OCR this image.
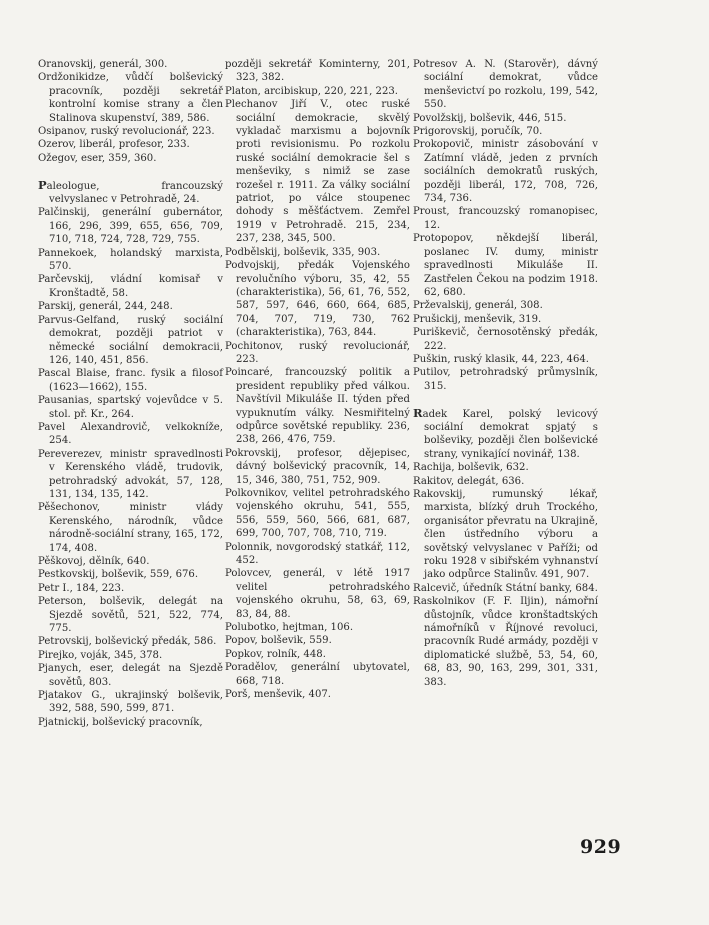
Oranovskij, generál, 300.

Ordžonikidze, vůdčí bolševický pracovník, později sekretář kontrolní komise strany a člen Stalinova skupenství, 389, 586.

Osipanov, ruský revolucionář, 223.

Ozerov, liberál, profesor, 233.

Ožegov, eser, 359, 360.

Paleologue, francouzský velvyslanec v Petrohradě, 24.

Palčinskij, generální gubernátor, 166, 296, 399, 655, 656, 709, 710, 718, 724, 728, 729, 755.

Pannekoek, holandský marxista, 570.

Parčevskij, vládní komisař v Kronštadtě, 58.

Parskij, generál, 244, 248.

Parvus-Gelfand, ruský sociální demokrat, později patriot v německé sociální demokracii, 126, 140, 451, 856.

Pascal Blaise, franc. fysik a filosof (1623—1662), 155.

Pausanias, spartský vojevůdce v 5. stol. př. Kr., 264.

Pavel Alexandrovič, velkokníže, 254.

Pereverezev, ministr spravedlnosti v Kerenského vládě, trudovik, petrohradský advokát, 57, 128, 131, 134, 135, 142.

Pěšechonov, ministr vlády Kerenského, národník, vůdce národně-sociální strany, 165, 172, 174, 408.

Pěškovoj, dělník, 640.

Pestkovskij, bolševik, 559, 676.

Petr I., 184, 223.

Peterson, bolševik, delegát na Sjezdě sovětů, 521, 522, 774, 775.

Petrovskij, bolševický předák, 586.

Pirejko, voják, 345, 378.

Pjanych, eser, delegát na Sjezdě sovětů, 803.

Pjatakov G., ukrajinský bolševik, 392, 588, 590, 599, 871.

Pjatnickij, bolševický pracovník,

později sekretář Kominterny, 201, 323, 382.

Platon, arcibiskup, 220, 221, 223.

Plechanov Jiří V., otec ruské sociální demokracie, skvělý vykladač marxismu a bojovník proti revisionismu. Po rozkolu ruské sociální demokracie šel s menševiky, s nimiž se zase rozešel r. 1911. Za války sociální patriot, po válce stoupenec dohody s měšťáctvem. Zemřel 1919 v Petrohradě. 215, 234, 237, 238, 345, 500.

Podbělskij, bolševik, 335, 903.

Podvojskij, předák Vojenského revolučního výboru, 35, 42, 55 (charakteristika), 56, 61, 76, 552, 587, 597, 646, 660, 664, 685, 704, 707, 719, 730, 762 (charakteristika), 763, 844.

Pochitonov, ruský revolucionář, 223.

Poincaré, francouzský politik a president republiky před válkou. Navštívil Mikuláše II. týden před vypuknutím války. Nesmiřitelný odpůrce sovětské republiky. 236, 238, 266, 476, 759.

Pokrovskij, profesor, dějepisec, dávný bolševický pracovník, 14, 15, 346, 380, 751, 752, 909.

Polkovnikov, velitel petrohradského vojenského okruhu, 541, 555, 556, 559, 560, 566, 681, 687, 699, 700, 707, 708, 710, 719.

Polonnik, novgorodský statkář, 112, 452.

Polovcev, generál, v létě 1917 velitel petrohradského vojenského okruhu, 58, 63, 69, 83, 84, 88.

Polubotko, hejtman, 106.

Popov, bolševik, 559.

Popkov, rolník, 448.

Poradělov, generální ubytovatel, 668, 718.

Porš, menševik, 407.

Potresov A. N. (Starověr), dávný sociální demokrat, vůdce menševictví po rozkolu, 199, 542, 550.

Povolžskij, bolševik, 446, 515.

Prigorovskij, poručík, 70.

Prokopovič, ministr zásobování v Zatímní vládě, jeden z prvních sociálních demokratů ruských, později liberál, 172, 708, 726, 734, 736.

Proust, francouzský romanopisec, 12.

Protopopov, někdejší liberál, poslanec IV. dumy, ministr spravedlnosti Mikuláše II. Zastřelen Čekou na podzim 1918. 62, 680.

Prževalskij, generál, 308.

Prušickij, menševik, 319.

Puriškevič, černosotěnský předák, 222.

Puškin, ruský klasik, 44, 223, 464.

Putilov, petrohradský průmyslník, 315.

Radek Karel, polský levicový sociální demokrat spjatý s bolševiky, později člen bolševické strany, vynikající novinář, 138.

Rachija, bolševik, 632.

Rakitov, delegát, 636.

Rakovskij, rumunský lékař, marxista, blízký druh Trockého, organisátor převratu na Ukrajině, člen ústředního výboru a sovětský velvyslanec v Paříži; od roku 1928 v sibiřském vyhnanství jako odpůrce Stalinův. 491, 907.

Ralcevič, úředník Státní banky, 684.

Raskolnikov (F. F. Iljin), námořní důstojník, vůdce kronštadtských námořníků v Říjnové revoluci, pracovník Rudé armády, později v diplomatické službě, 53, 54, 60, 68, 83, 90, 163, 299, 301, 331, 383.

929
